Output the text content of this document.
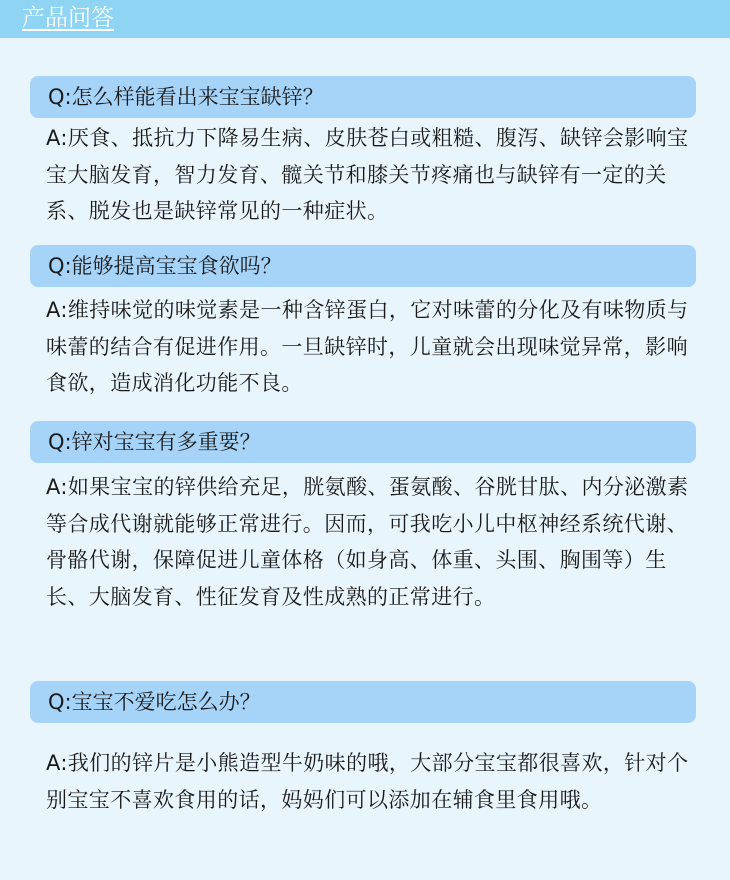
产品问答
Q:怎么样能看出来宝宝缺锌？
A:厌食、抵抗力下降易生病、皮肤苍白或粗糙、腹泻、缺锌会影响宝宝大脑发育，智力发育、髋关节和膝关节疼痛也与缺锌有一定的关系、脱发也是缺锌常见的一种症状。
Q:能够提高宝宝食欲吗？
A:维持味觉的味觉素是一种含锌蛋白，它对味蕾的分化及有味物质与味蕾的结合有促进作用。一旦缺锌时，儿童就会出现味觉异常，影响食欲，造成消化功能不良。
Q:锌对宝宝有多重要？
A:如果宝宝的锌供给充足，胱氨酸、蛋氨酸、谷胱甘肽、内分泌激素等合成代谢就能够正常进行。因而，可我吃小儿中枢神经系统代谢、骨骼代谢，保障促进儿童体格（如身高、体重、头围、胸围等）生长、大脑发育、性征发育及性成熟的正常进行。
Q:宝宝不爱吃怎么办？
A:我们的锌片是小熊造型牛奶味的哦，大部分宝宝都很喜欢，针对个别宝宝不喜欢食用的话，妈妈们可以添加在辅食里食用哦。
